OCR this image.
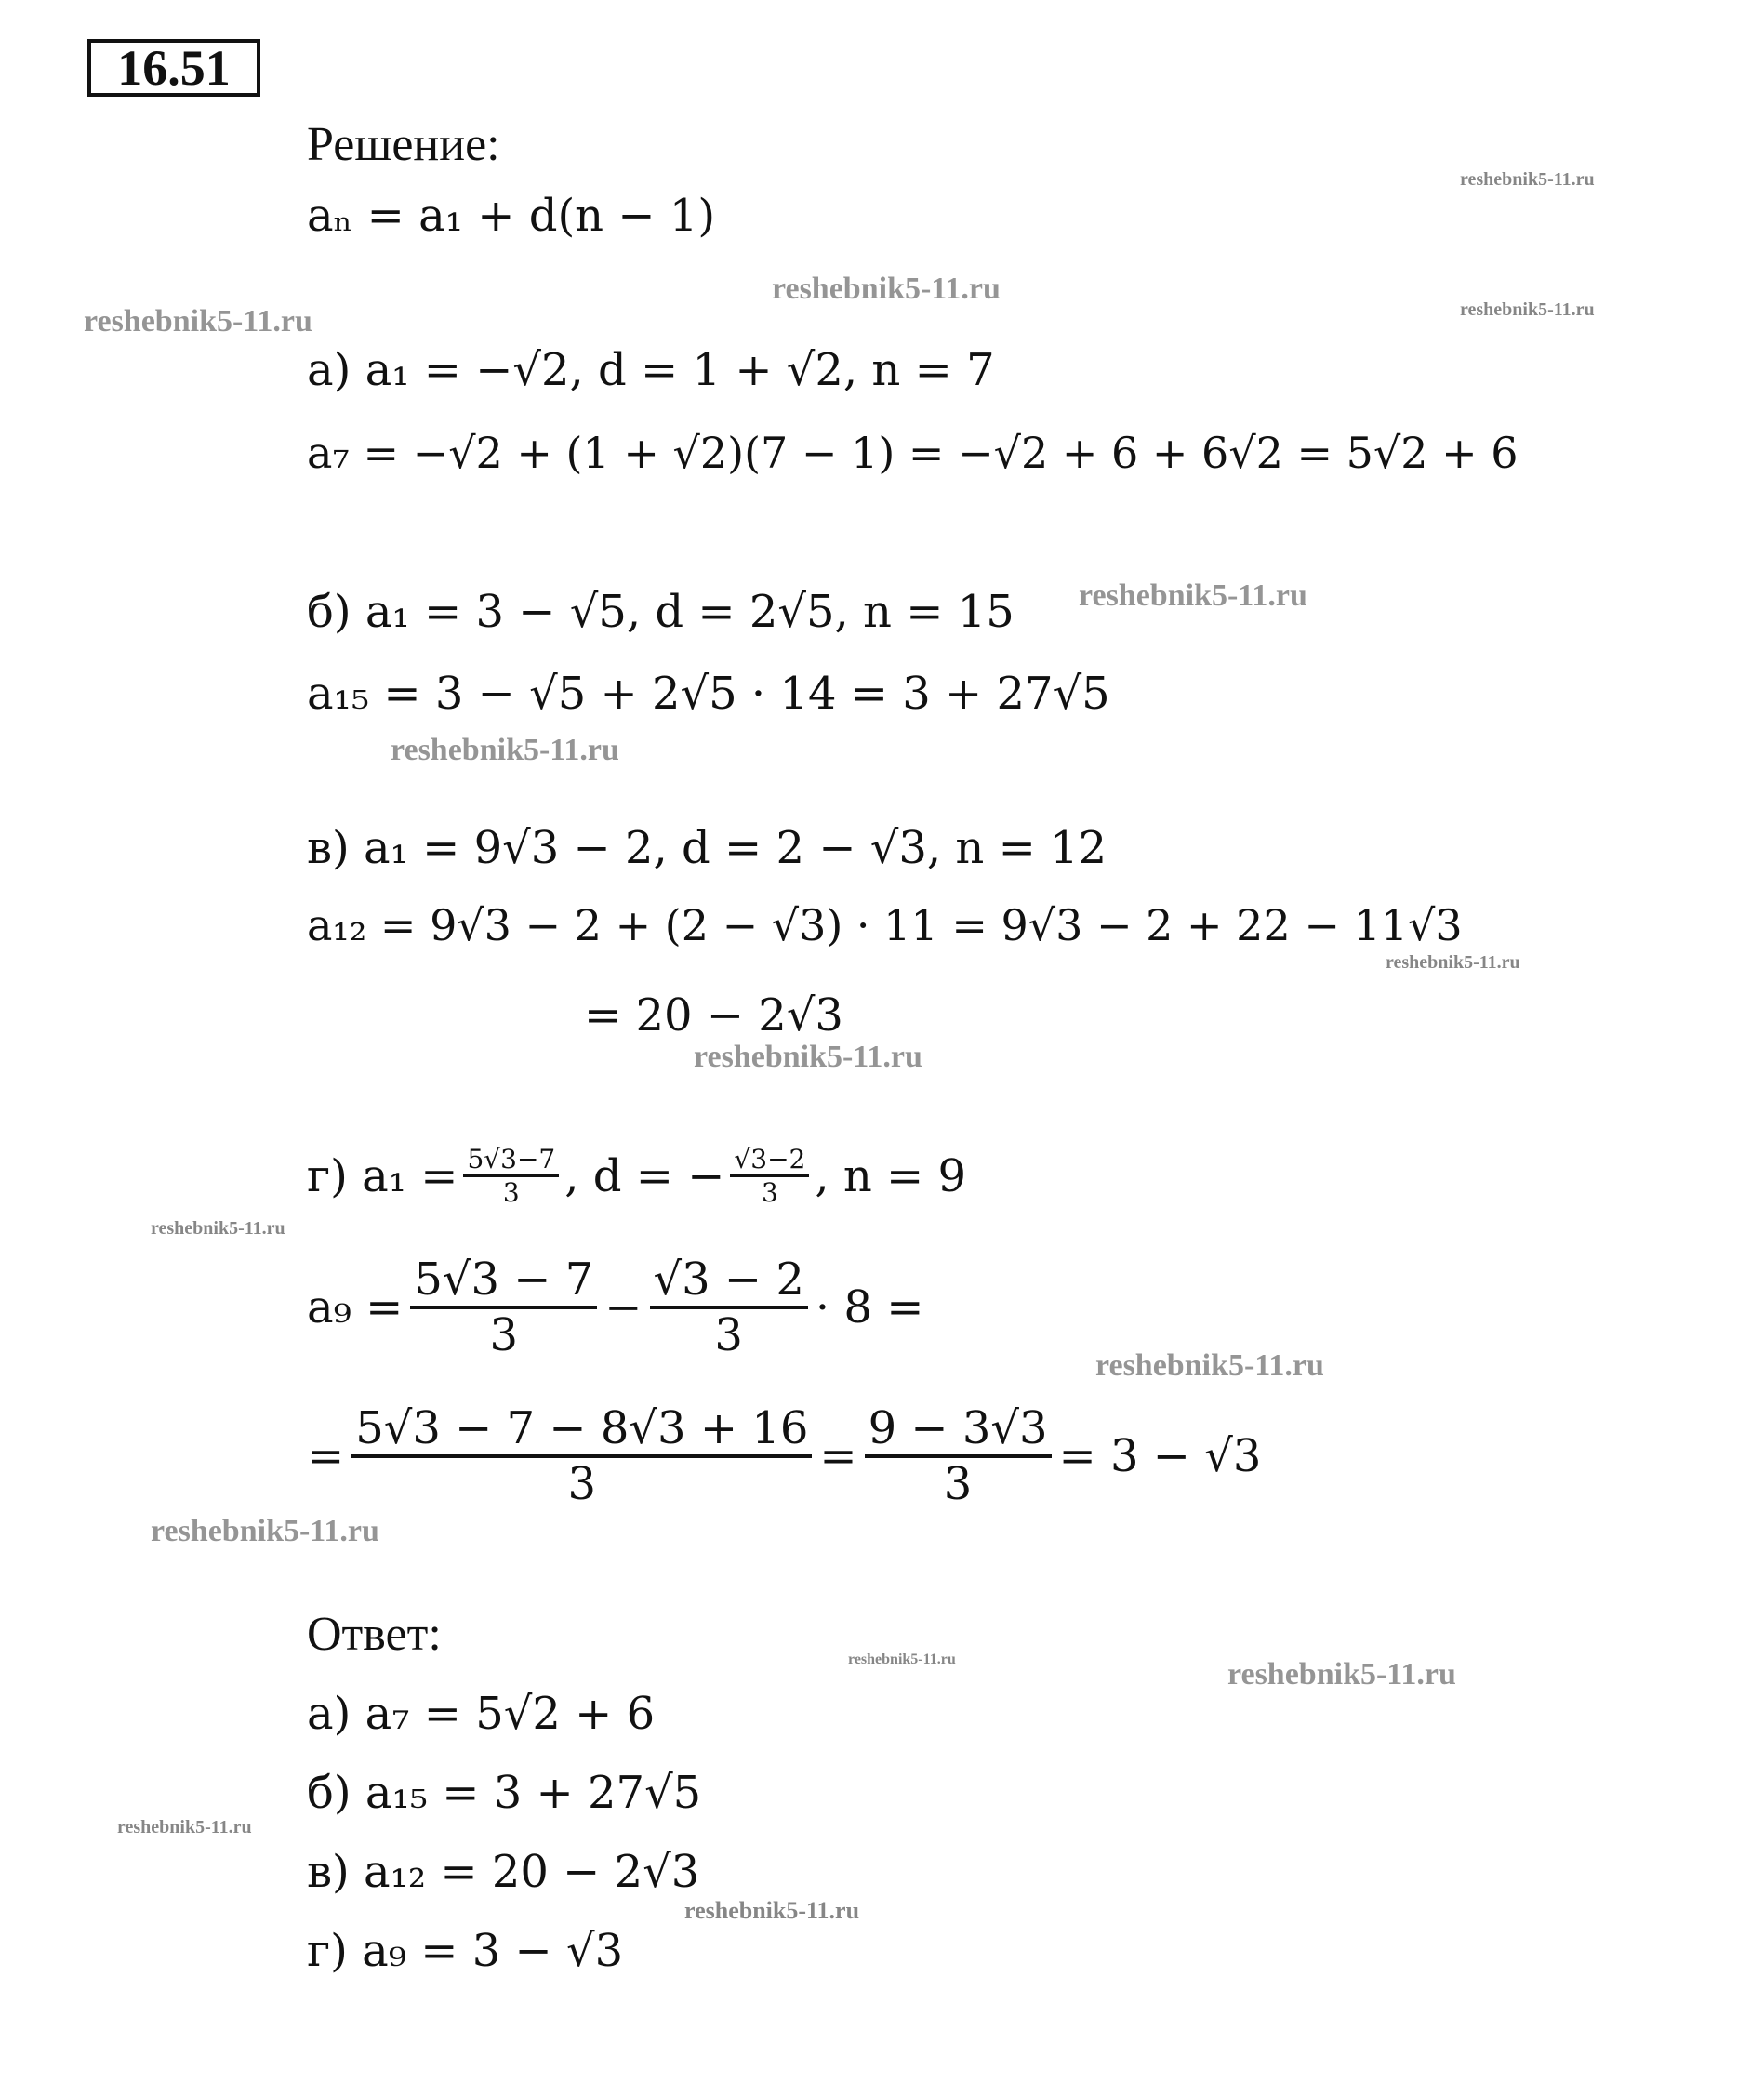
16.51
Решение:
aₙ = a₁ + d(n − 1)
а) a₁ = −√2, d = 1 + √2, n = 7
a₇ = −√2 + (1 + √2)(7 − 1) = −√2 + 6 + 6√2 = 5√2 + 6
б) a₁ = 3 − √5, d = 2√5, n = 15
a₁₅ = 3 − √5 + 2√5 · 14 = 3 + 27√5
в) a₁ = 9√3 − 2, d = 2 − √3, n = 12
a₁₂ = 9√3 − 2 + (2 − √3) · 11 = 9√3 − 2 + 22 − 11√3
= 20 − 2√3
г) $a_1 = \frac{5√3-7}{3}$ , d = − $\frac{√3-2}{3}$ , n = 9
$a_9 = \frac{5√3 - 7}{3} - \frac{√3 - 2}{3} \cdot 8$ =
= $\frac{5√3 - 7 - 8√3 + 16}{3} = \frac{9 - 3√3}{3} = 3 - √3$
Ответ:
а) a₇ = 5√2 + 6
б) a₁₅ = 3 + 27√5
в) a₁₂ = 20 − 2√3
г) a₉ = 3 − √3
reshebnik5-11.ru
reshebnik5-11.ru
reshebnik5-11.ru
reshebnik5-11.ru
reshebnik5-11.ru
reshebnik5-11.ru
reshebnik5-11.ru
reshebnik5-11.ru
reshebnik5-11.ru
reshebnik5-11.ru
reshebnik5-11.ru
reshebnik5-11.ru	reshebnik5-11.ru
reshebnik5-11.ru
reshebnik5-11.ru
